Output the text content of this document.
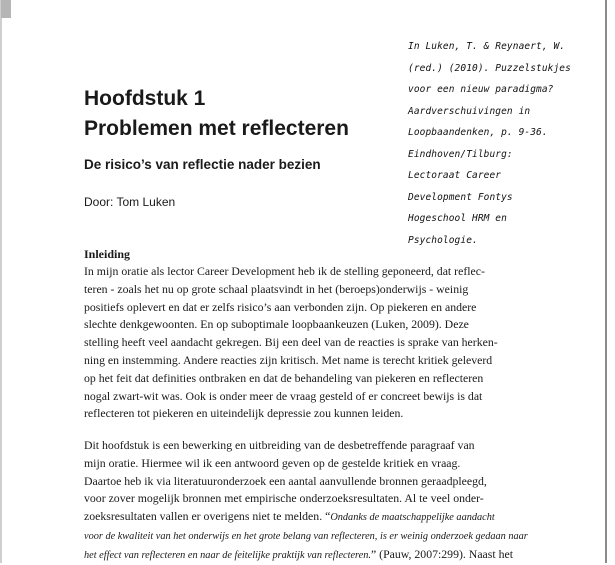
Hoofdstuk 1
Problemen met reflecteren
De risico’s van reflectie nader bezien
Door: Tom Luken
In Luken, T. & Reynaert, W.
(red.) (2010). Puzzelstukjes
voor een nieuw paradigma?
Aardverschuivingen in
Loopbaandenken, p. 9-36.
Eindhoven/Tilburg:
Lectoraat Career
Development Fontys
Hogeschool HRM en
Psychologie.
Inleiding
In mijn oratie als lector Career Development heb ik de stelling geponeerd, dat reflec-
teren - zoals het nu op grote schaal plaatsvindt in het (beroeps)onderwijs - weinig
positiefs oplevert en dat er zelfs risico’s aan verbonden zijn. Op piekeren en andere
slechte denkgewoonten. En op suboptimale loopbaankeuzen (Luken, 2009). Deze
stelling heeft veel aandacht gekregen. Bij een deel van de reacties is sprake van herken-
ning en instemming. Andere reacties zijn kritisch. Met name is terecht kritiek geleverd
op het feit dat definities ontbraken en dat de behandeling van piekeren en reflecteren
nogal zwart-wit was. Ook is onder meer de vraag gesteld of er concreet bewijs is dat
reflecteren tot piekeren en uiteindelijk depressie zou kunnen leiden.
Dit hoofdstuk is een bewerking en uitbreiding van de desbetreffende paragraaf van
mijn oratie. Hiermee wil ik een antwoord geven op de gestelde kritiek en vraag.
Daartoe heb ik via literatuuronderzoek een aantal aanvullende bronnen geraadpleegd,
voor zover mogelijk bronnen met empirische onderzoeksresultaten. Al te veel onder-
zoeksresultaten vallen er overigens niet te melden. “Ondanks de maatschappelijke aandacht
voor de kwaliteit van het onderwijs en het grote belang van reflecteren, is er weinig onderzoek gedaan naar
het effect van reflecteren en naar de feitelijke praktijk van reflecteren.” (Pauw, 2007:299). Naast het
